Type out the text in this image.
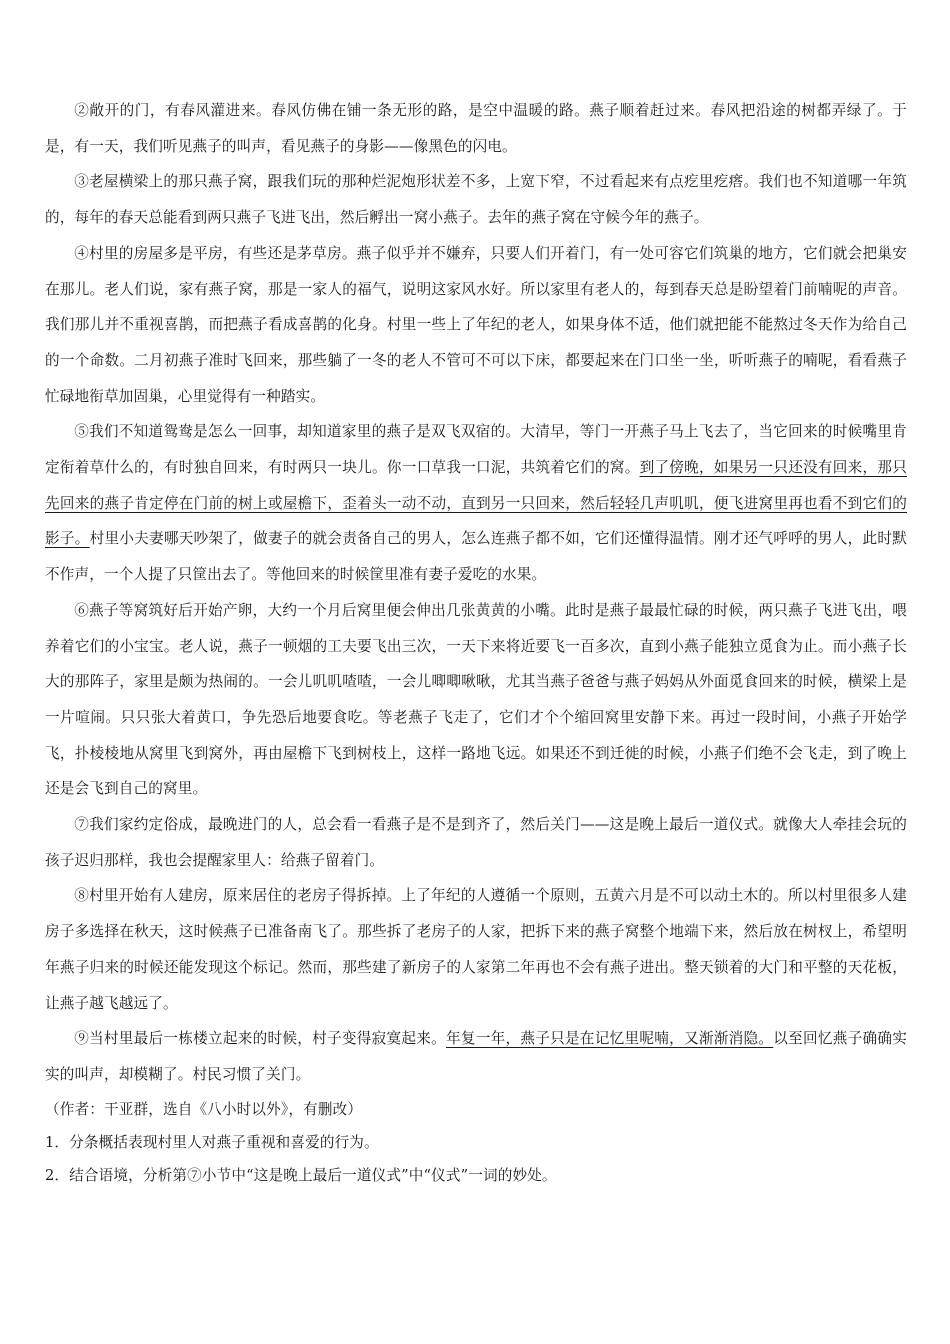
②敞开的门，有春风灌进来。春风仿佛在铺一条无形的路，是空中温暖的路。燕子顺着赶过来。春风把沿途的树都弄绿了。于是，有一天，我们听见燕子的叫声，看见燕子的身影——像黑色的闪电。

③老屋横梁上的那只燕子窝，跟我们玩的那种烂泥炮形状差不多，上宽下窄，不过看起来有点疙里疙瘩。我们也不知道哪一年筑的，每年的春天总能看到两只燕子飞进飞出，然后孵出一窝小燕子。去年的燕子窝在守候今年的燕子。

④村里的房屋多是平房，有些还是茅草房。燕子似乎并不嫌弃，只要人们开着门，有一处可容它们筑巢的地方，它们就会把巢安在那儿。老人们说，家有燕子窝，那是一家人的福气，说明这家风水好。所以家里有老人的，每到春天总是盼望着门前喃呢的声音。我们那儿并不重视喜鹊，而把燕子看成喜鹊的化身。村里一些上了年纪的老人，如果身体不适，他们就把能不能熬过冬天作为给自己的一个命数。二月初燕子准时飞回来，那些躺了一冬的老人不管可不可以下床，都要起来在门口坐一坐，听听燕子的喃呢，看看燕子忙碌地衔草加固巢，心里觉得有一种踏实。

⑤我们不知道鸳鸯是怎么一回事，却知道家里的燕子是双飞双宿的。大清早，等门一开燕子马上飞去了，当它回来的时候嘴里肯定衔着草什么的，有时独自回来，有时两只一块儿。你一口草我一口泥，共筑着它们的窝。到了傍晚，如果另一只还没有回来，那只先回来的燕子肯定停在门前的树上或屋檐下，歪着头一动不动，直到另一只回来，然后轻轻几声叽叽，便飞进窝里再也看不到它们的影子。村里小夫妻哪天吵架了，做妻子的就会责备自己的男人，怎么连燕子都不如，它们还懂得温情。刚才还气呼呼的男人，此时默不作声，一个人提了只筐出去了。等他回来的时候筐里准有妻子爱吃的水果。

⑥燕子等窝筑好后开始产卵，大约一个月后窝里便会伸出几张黄黄的小嘴。此时是燕子最最忙碌的时候，两只燕子飞进飞出，喂养着它们的小宝宝。老人说，燕子一顿烟的工夫要飞出三次，一天下来将近要飞一百多次，直到小燕子能独立觅食为止。而小燕子长大的那阵子，家里是颇为热闹的。一会儿叽叽喳喳，一会儿唧唧啾啾，尤其当燕子爸爸与燕子妈妈从外面觅食回来的时候，横梁上是一片喧闹。只只张大着黄口，争先恐后地要食吃。等老燕子飞走了，它们才个个缩回窝里安静下来。再过一段时间，小燕子开始学飞，扑棱棱地从窝里飞到窝外，再由屋檐下飞到树枝上，这样一路地飞远。如果还不到迁徙的时候，小燕子们绝不会飞走，到了晚上还是会飞到自己的窝里。

⑦我们家约定俗成，最晚进门的人，总会看一看燕子是不是到齐了，然后关门——这是晚上最后一道仪式。就像大人牵挂会玩的孩子迟归那样，我也会提醒家里人：给燕子留着门。

⑧村里开始有人建房，原来居住的老房子得拆掉。上了年纪的人遵循一个原则，五黄六月是不可以动土木的。所以村里很多人建房子多选择在秋天，这时候燕子已准备南飞了。那些拆了老房子的人家，把拆下来的燕子窝整个地端下来，然后放在树杈上，希望明年燕子归来的时候还能发现这个标记。然而，那些建了新房子的人家第二年再也不会有燕子进出。整天锁着的大门和平整的天花板，让燕子越飞越远了。

⑨当村里最后一栋楼立起来的时候，村子变得寂寞起来。年复一年，燕子只是在记忆里呢喃，又渐渐消隐。以至回忆燕子确确实实的叫声，却模糊了。村民习惯了关门。

（作者：干亚群，选自《八小时以外》，有删改）

1．分条概括表现村里人对燕子重视和喜爱的行为。

2．结合语境，分析第⑦小节中“这是晚上最后一道仪式”中“仪式”一词的妙处。
